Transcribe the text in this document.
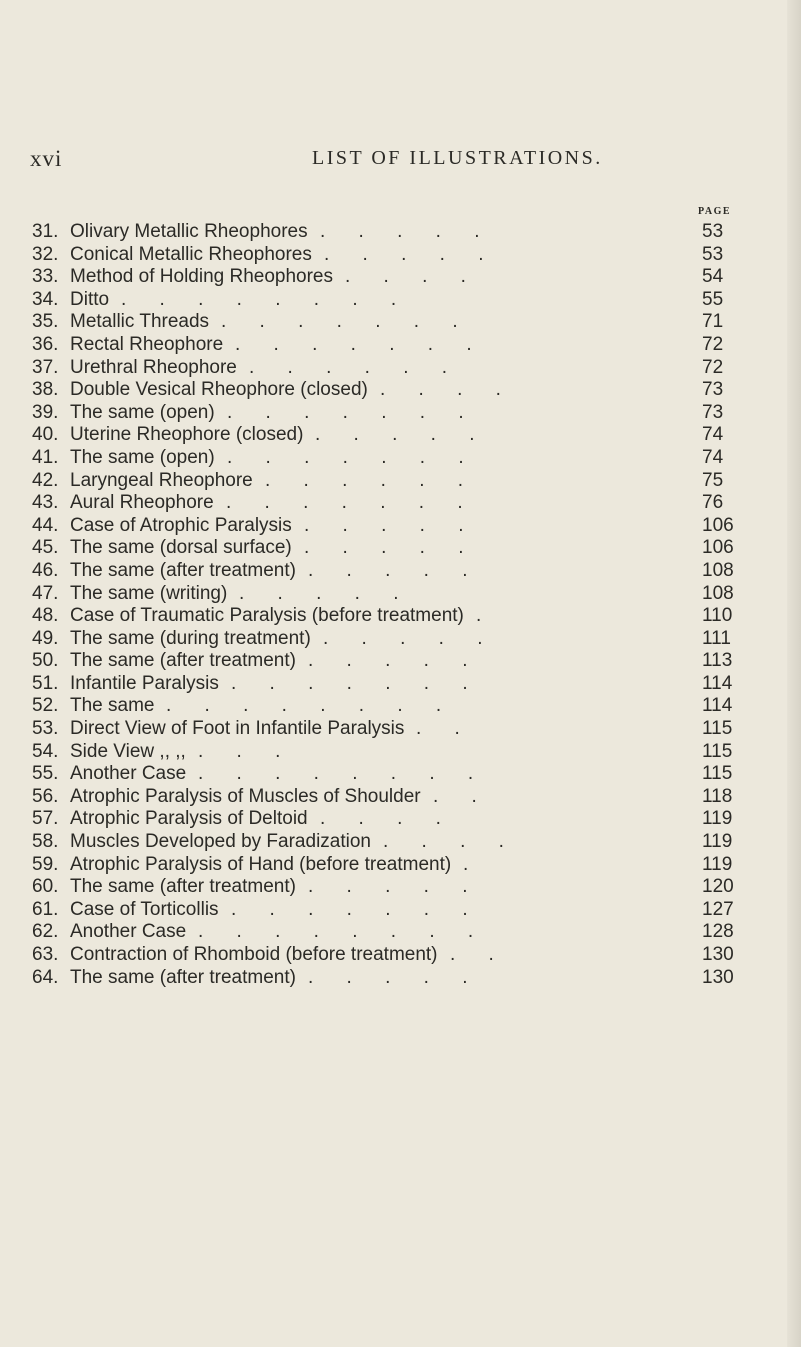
xvi	LIST OF ILLUSTRATIONS.
PAGE
31. Olivary Metallic Rheophores . . . . .	53
32. Conical Metallic Rheophores . . . . .	53
33. Method of Holding Rheophores . . . .	54
34. Ditto . . . . . . . .	55
35. Metallic Threads . . . . . . .	71
36. Rectal Rheophore . . . . . . .	72
37. Urethral Rheophore . . . . . .	72
38. Double Vesical Rheophore (closed) . . . .	73
39. The same (open) . . . . . . .	73
40. Uterine Rheophore (closed) . . . . .	74
41. The same (open) . . . . . . .	74
42. Laryngeal Rheophore . . . . . .	75
43. Aural Rheophore . . . . . . .	76
44. Case of Atrophic Paralysis . . . . .	106
45. The same (dorsal surface) . . . . .	106
46. The same (after treatment) . . . . .	108
47. The same (writing) . . . . .	108
48. Case of Traumatic Paralysis (before treatment) .	110
49. The same (during treatment) . . . . .	111
50. The same (after treatment) . . . . .	113
51. Infantile Paralysis . . . . . . .	114
52. The same . . . . . . . .	114
53. Direct View of Foot in Infantile Paralysis . .	115
54. Side View ,, ,, . . .	115
55. Another Case . . . . . . . .	115
56. Atrophic Paralysis of Muscles of Shoulder . .	118
57. Atrophic Paralysis of Deltoid . . . .	119
58. Muscles Developed by Faradization . . . .	119
59. Atrophic Paralysis of Hand (before treatment) .	119
60. The same (after treatment) . . . . .	120
61. Case of Torticollis . . . . . . .	127
62. Another Case . . . . . . . .	128
63. Contraction of Rhomboid (before treatment) . .	130
64. The same (after treatment) . . . . .	130
